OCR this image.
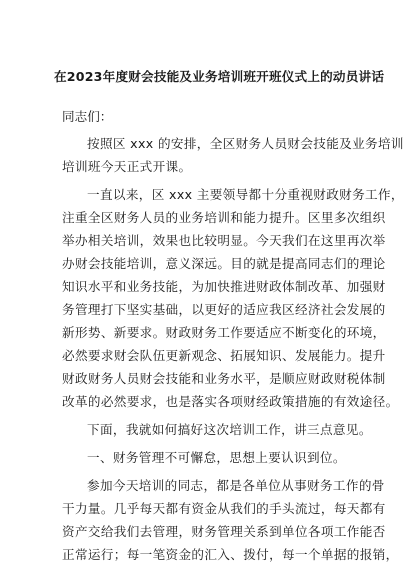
在2023年度财会技能及业务培训班开班仪式上的动员讲话
同志们：
按照区 xxx 的安排，全区财务人员财会技能及业务培训
培训班今天正式开课。
一直以来，区 xxx 主要领导都十分重视财政财务工作，
注重全区财务人员的业务培训和能力提升。区里多次组织
举办相关培训，效果也比较明显。今天我们在这里再次举
办财会技能培训，意义深远。目的就是提高同志们的理论
知识水平和业务技能，为加快推进财政体制改革、加强财
务管理打下坚实基础，以更好的适应我区经济社会发展的
新形势、新要求。财政财务工作要适应不断变化的环境，
必然要求财会队伍更新观念、拓展知识、发展能力。提升
财政财务人员财会技能和业务水平，是顺应财政财税体制
改革的必然要求，也是落实各项财经政策措施的有效途径。
下面，我就如何搞好这次培训工作，讲三点意见。
一、财务管理不可懈怠，思想上要认识到位。
参加今天培训的同志，都是各单位从事财务工作的骨
干力量。几乎每天都有资金从我们的手头流过，每天都有
资产交给我们去管理，财务管理关系到单位各项工作能否
正常运行；每一笔资金的汇入、拨付，每一个单据的报销，
